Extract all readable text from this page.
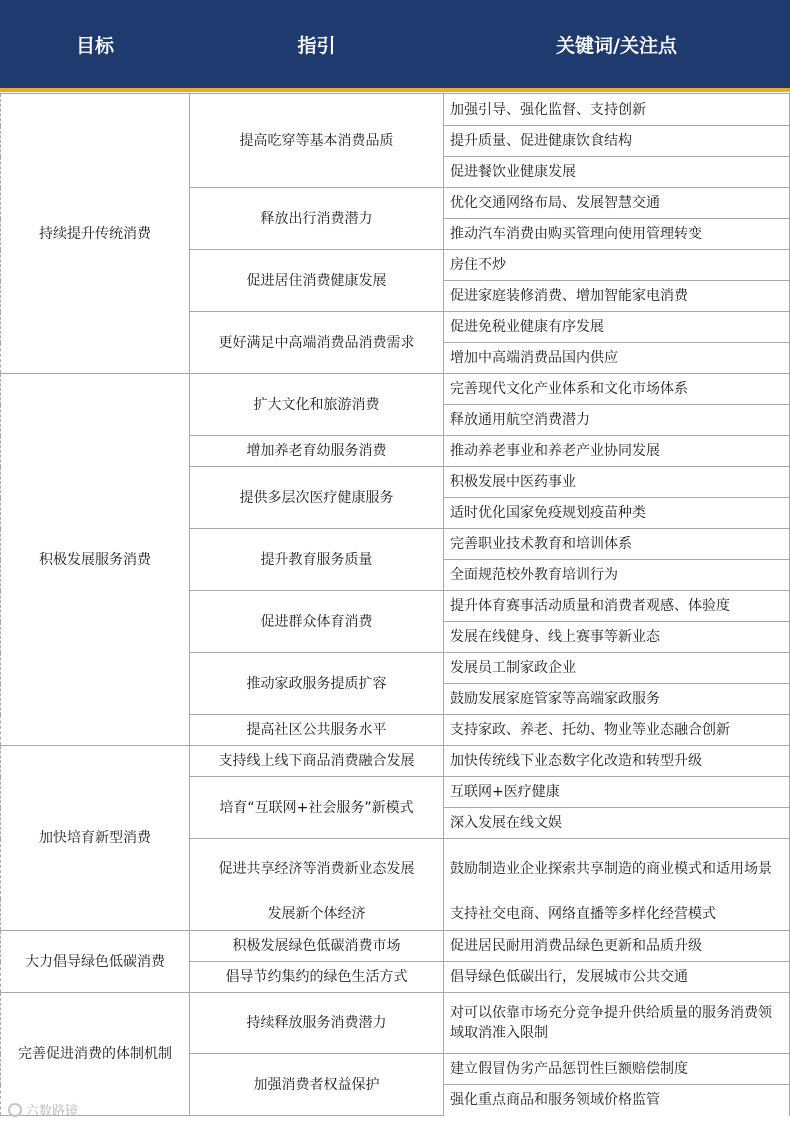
目标	指引	关键词/关注点
持续提升传统消费	提高吃穿等基本消费品质	加强引导、强化监督、支持创新
		提升质量、促进健康饮食结构
		促进餐饮业健康发展
	释放出行消费潜力	优化交通网络布局、发展智慧交通
		推动汽车消费由购买管理向使用管理转变
	促进居住消费健康发展	房住不炒
		促进家庭装修消费、增加智能家电消费
	更好满足中高端消费品消费需求	促进免税业健康有序发展
		增加中高端消费品国内供应
积极发展服务消费	扩大文化和旅游消费	完善现代文化产业体系和文化市场体系
		释放通用航空消费潜力
	增加养老育幼服务消费	推动养老事业和养老产业协同发展
	提供多层次医疗健康服务	积极发展中医药事业
		适时优化国家免疫规划疫苗种类
	提升教育服务质量	完善职业技术教育和培训体系
		全面规范校外教育培训行为
	促进群众体育消费	提升体育赛事活动质量和消费者观感、体验度
		发展在线健身、线上赛事等新业态
	推动家政服务提质扩容	发展员工制家政企业
		鼓励发展家庭管家等高端家政服务
	提高社区公共服务水平	支持家政、养老、托幼、物业等业态融合创新
加快培育新型消费	支持线上线下商品消费融合发展	加快传统线下业态数字化改造和转型升级
	培育“互联网+社会服务”新模式	互联网+医疗健康
		深入发展在线文娱
	促进共享经济等消费新业态发展	鼓励制造业企业探索共享制造的商业模式和适用场景
	发展新个体经济	支持社交电商、网络直播等多样化经营模式
大力倡导绿色低碳消费	积极发展绿色低碳消费市场	促进居民耐用消费品绿色更新和品质升级
	倡导节约集约的绿色生活方式	倡导绿色低碳出行，发展城市公共交通
完善促进消费的体制机制	持续释放服务消费潜力	对可以依靠市场充分竞争提升供给质量的服务消费领域取消准入限制
	加强消费者权益保护	建立假冒伪劣产品惩罚性巨额赔偿制度
		强化重点商品和服务领域价格监管
六数路镜
